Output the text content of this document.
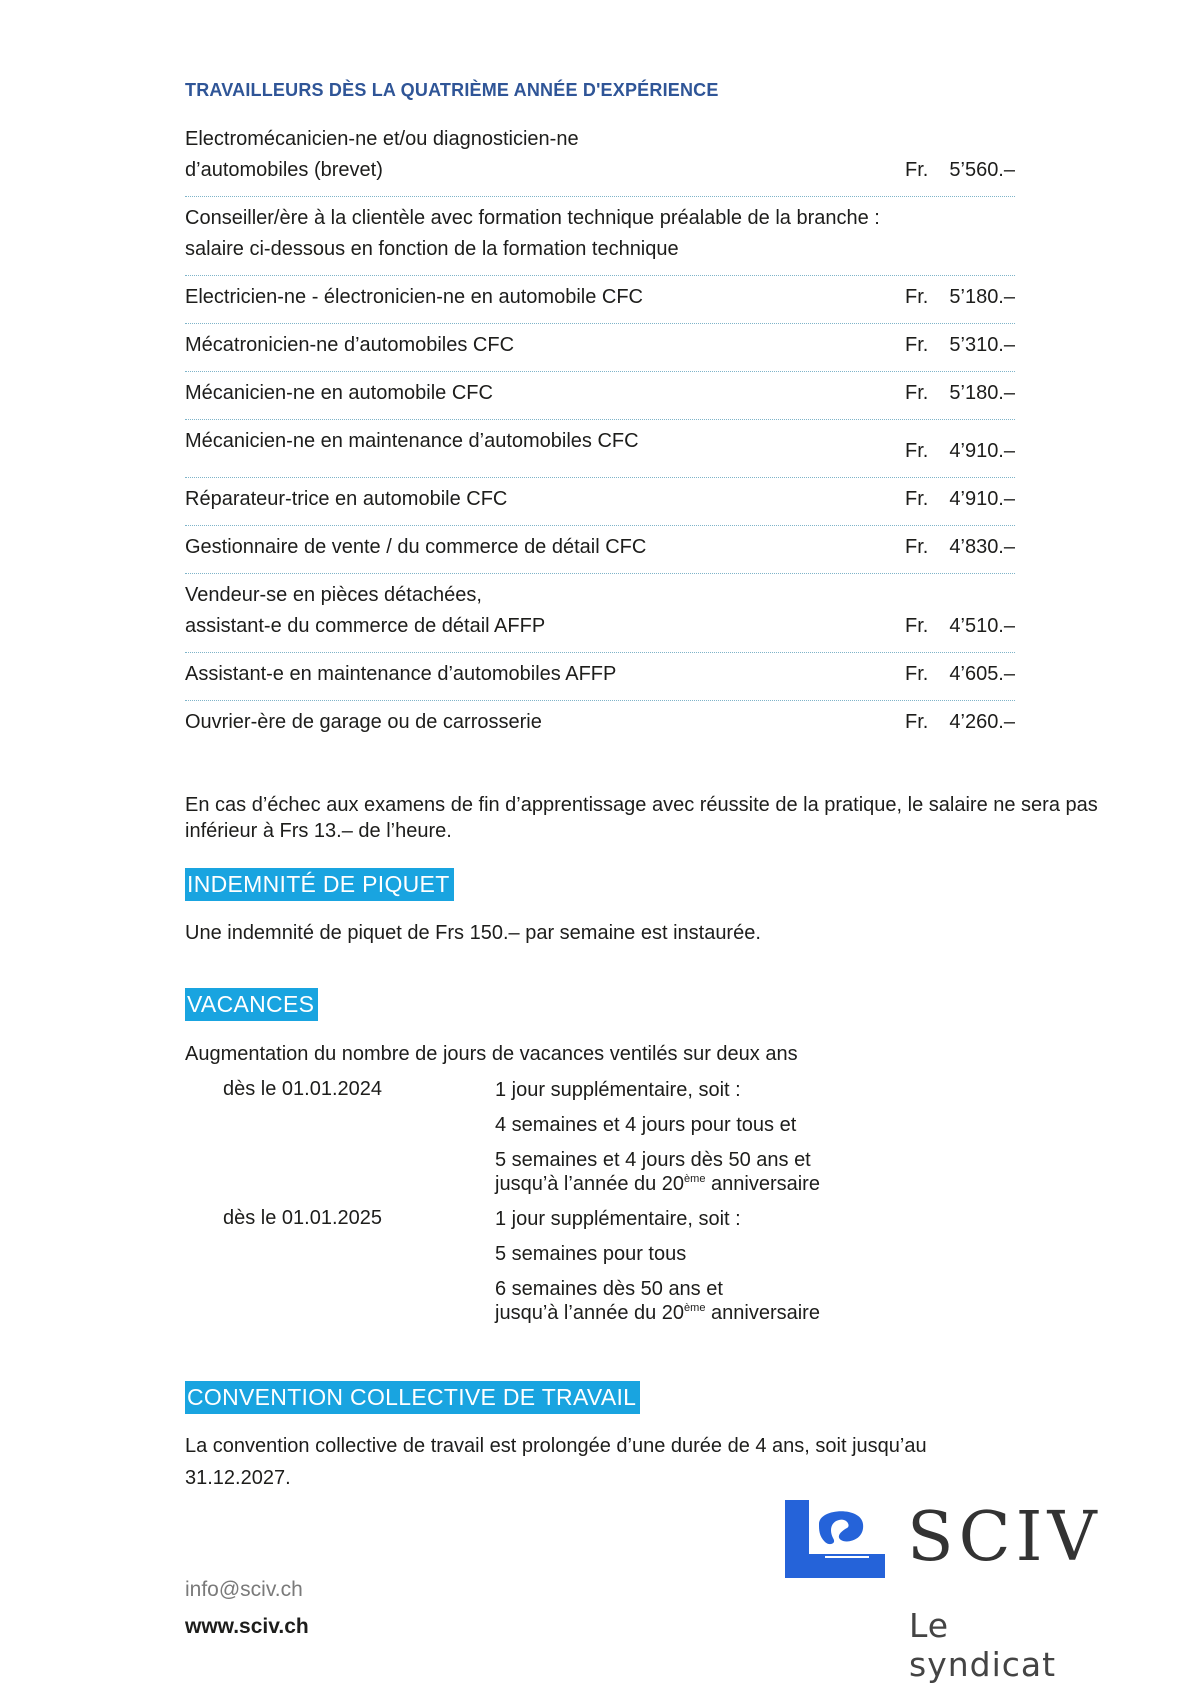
TRAVAILLEURS DÈS LA QUATRIÈME ANNÉE D'EXPÉRIENCE
Electromécanicien-ne et/ou diagnosticien-ne
d’automobiles (brevet)	Fr. 5’560.–
Conseiller/ère à la clientèle avec formation technique préalable de la branche :
salaire ci-dessous en fonction de la formation technique
Electricien-ne - électronicien-ne en automobile CFC	Fr. 5’180.–
Mécatronicien-ne d’automobiles CFC	Fr. 5’310.–
Mécanicien-ne en automobile CFC	Fr. 5’180.–
Mécanicien-ne en maintenance d’automobiles CFC	Fr. 4’910.–
Réparateur-trice en automobile CFC	Fr. 4’910.–
Gestionnaire de vente / du commerce de détail CFC	Fr. 4’830.–
Vendeur-se en pièces détachées,
assistant-e du commerce de détail AFFP	Fr. 4’510.–
Assistant-e en maintenance d’automobiles AFFP	Fr. 4’605.–
Ouvrier-ère de garage ou de carrosserie	Fr. 4’260.–
En cas d’échec aux examens de fin d’apprentissage avec réussite de la pratique, le salaire ne sera pas inférieur à Frs 13.– de l’heure.
INDEMNITÉ DE PIQUET
Une indemnité de piquet de Frs 150.– par semaine est instaurée.
VACANCES
Augmentation du nombre de jours de vacances ventilés sur deux ans
dès le 01.01.2024	1 jour supplémentaire, soit :
4 semaines et 4 jours pour tous et
5 semaines et 4 jours dès 50 ans et
jusqu’à l’année du 20ème anniversaire
dès le 01.01.2025	1 jour supplémentaire, soit :
5 semaines pour tous
6 semaines dès 50 ans et
jusqu’à l’année du 20ème anniversaire
CONVENTION COLLECTIVE DE TRAVAIL
La convention collective de travail est prolongée d’une durée de 4 ans, soit jusqu’au
31.12.2027.
info@sciv.ch
www.sciv.ch
SCIV
Le syndicat
